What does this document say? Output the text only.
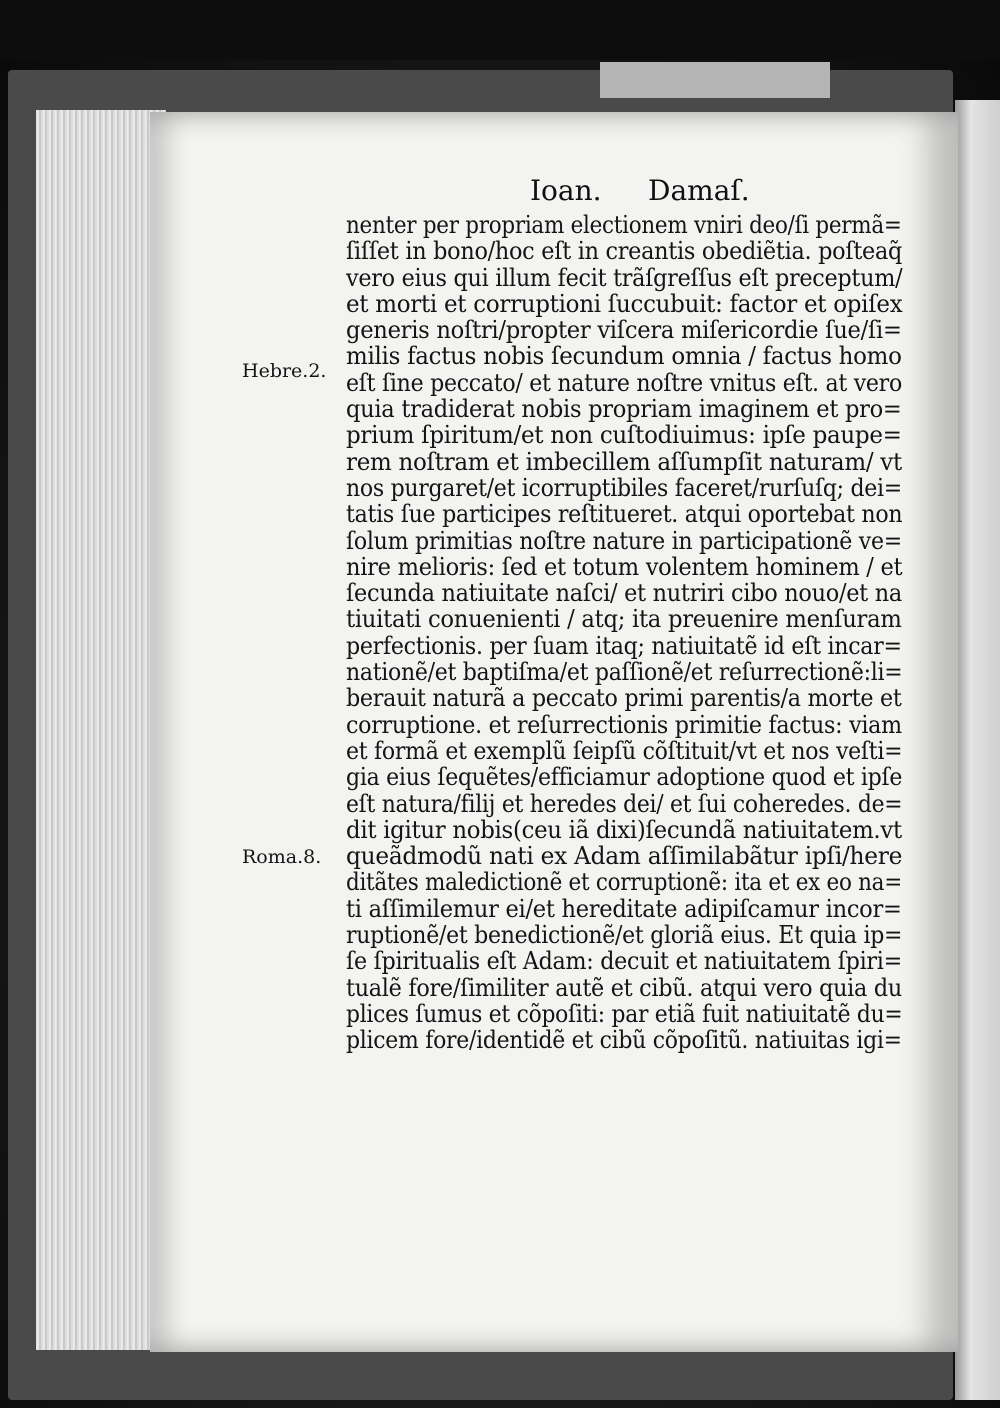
Ioan. Damaſ.
Hebre.2.
Roma.8.
nenter per propriam electionem vniri deo/ſi permã=
ſiſſet in bono/hoc eſt in creantis obediẽtia. poſteaq̃
vero eius qui illum fecit trãſgreſſus eſt preceptum/
et morti et corruptioni ſuccubuit: factor et opiſex
generis noſtri/propter viſcera miſericordie ſue/ſi=
milis factus nobis ſecundum omnia / factus homo
eſt ſine peccato/ et nature noſtre vnitus eſt. at vero
quia tradiderat nobis propriam imaginem et pro=
prium ſpiritum/et non cuſtodiuimus: ipſe paupe=
rem noſtram et imbecillem aſſumpſit naturam/ vt
nos purgaret/et icorruptibiles faceret/rurſuſq; dei=
tatis ſue participes reſtitueret. atqui oportebat non
ſolum primitias noſtre nature in participationẽ ve=
nire melioris: ſed et totum volentem hominem / et
ſecunda natiuitate naſci/ et nutriri cibo nouo/et na
tiuitati conuenienti / atq; ita preuenire menſuram
perfectionis. per ſuam itaq; natiuitatẽ id eſt incar=
nationẽ/et baptiſma/et paſſionẽ/et reſurrectionẽ:li=
berauit naturã a peccato primi parentis/a morte et
corruptione. et reſurrectionis primitie factus: viam
et formã et exemplũ ſeipſũ cõſtituit/vt et nos veſti=
gia eius ſequẽtes/efficiamur adoptione quod et ipſe
eſt natura/filij et heredes dei/ et ſui coheredes. de=
dit igitur nobis(ceu iã dixi)ſecundã natiuitatem.vt
queãdmodũ nati ex Adam aſſimilabãtur ipſi/here
ditãtes maledictionẽ et corruptionẽ: ita et ex eo na=
ti aſſimilemur ei/et hereditate adipiſcamur incor=
ruptionẽ/et benedictionẽ/et gloriã eius. Et quia ip=
ſe ſpiritualis eſt Adam: decuit et natiuitatem ſpiri=
tualẽ fore/ſimiliter autẽ et cibũ. atqui vero quia du
plices ſumus et cõpoſiti: par etiã fuit natiuitatẽ du=
plicem fore/identidẽ et cibũ cõpoſitũ. natiuitas igi=
